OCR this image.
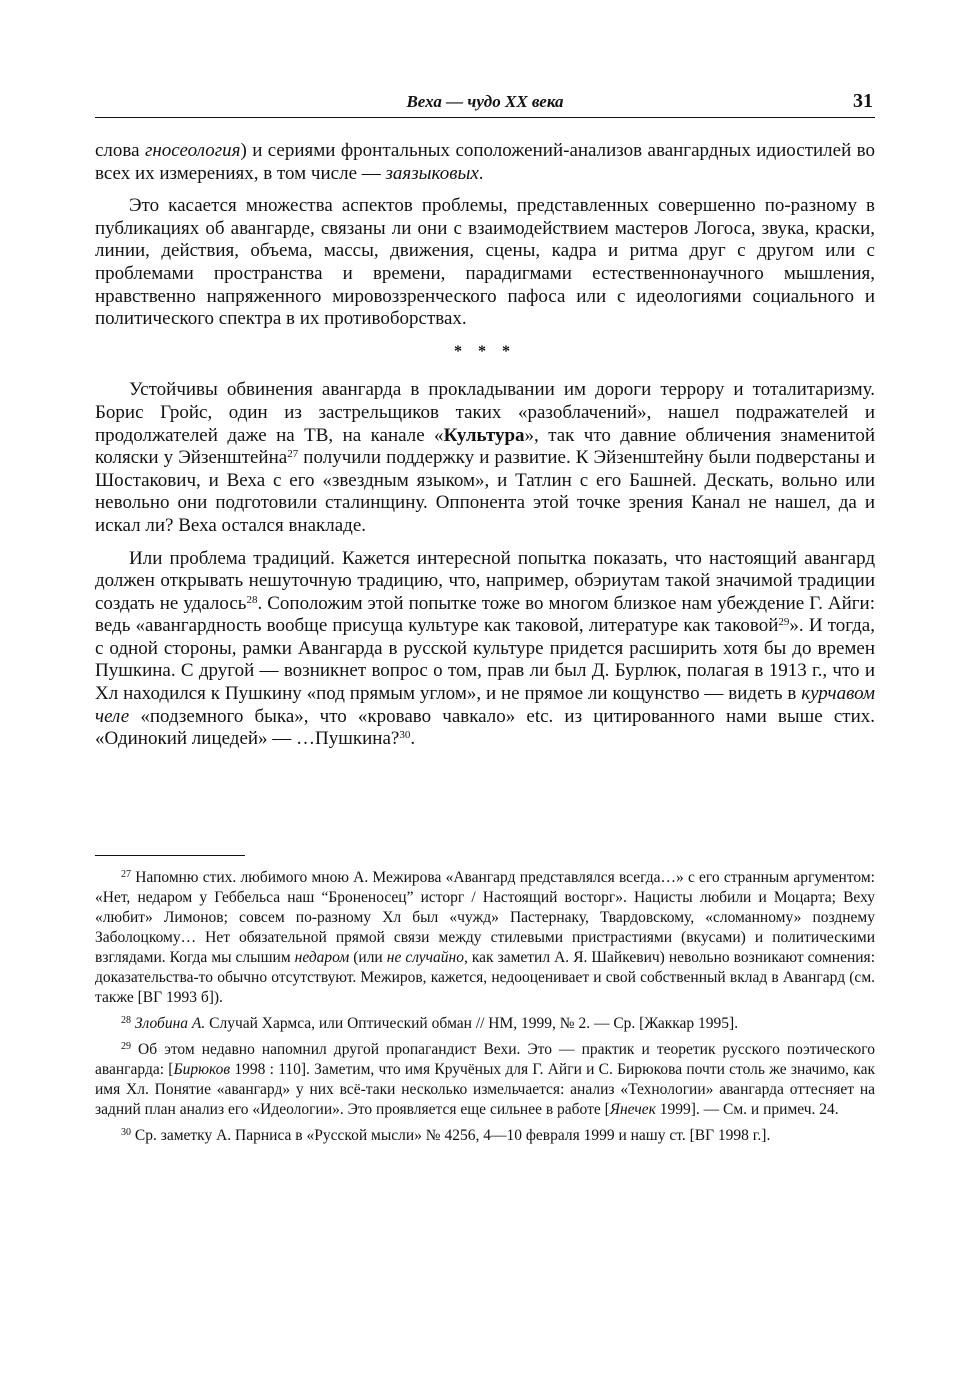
Веха — чудо XX века	31

слова гносеология) и сериями фронтальных соположений-анализов авангардных идиостилей во всех их измерениях, в том числе — заязыковых.

Это касается множества аспектов проблемы, представленных совершенно по-разному в публикациях об авангарде, связаны ли они с взаимодействием мастеров Логоса, звука, краски, линии, действия, объема, массы, движения, сцены, кадра и ритма друг с другом или с проблемами пространства и времени, парадигмами естественнонаучного мышления, нравственно напряженного мировоззренческого пафоса или с идеологиями социального и политического спектра в их противоборствах.

* * *

Устойчивы обвинения авангарда в прокладывании им дороги террору и тоталитаризму. Борис Гройс, один из застрельщиков таких «разоблачений», нашел подражателей и продолжателей даже на ТВ, на канале «Культура», так что давние обличения знаменитой коляски у Эйзенштейна$^{27}$ получили поддержку и развитие. К Эйзенштейну были подверстаны и Шостакович, и Веха с его «звездным языком», и Татлин с его Башней. Дескать, вольно или невольно они подготовили сталинщину. Оппонента этой точке зрения Канал не нашел, да и искал ли? Веха остался внакладе.

Или проблема традиций. Кажется интересной попытка показать, что настоящий авангард должен открывать нешуточную традицию, что, например, обэриутам такой значимой традиции создать не удалось$^{28}$. Соположим этой попытке тоже во многом близкое нам убеждение Г. Айги: ведь «авангардность вообще присуща культуре как таковой, литературе как таковой$^{29}$». И тогда, с одной стороны, рамки Авангарда в русской культуре придется расширить хотя бы до времен Пушкина. С другой — возникнет вопрос о том, прав ли был Д. Бурлюк, полагая в 1913 г., что и Хл находился к Пушкину «под прямым углом», и не прямое ли кощунство — видеть в курчавом челе «подземного быка», что «кроваво чавкало» etc. из цитированного нами выше стих. «Одинокий лицедей» — …Пушкина?$^{30}$.

$^{27}$ Напомню стих. любимого мною А. Межирова «Авангард представлялся всегда…» с его странным аргументом: «Нет, недаром у Геббельса наш “Броненосец” исторг / Настоящий восторг». Нацисты любили и Моцарта; Веху «любит» Лимонов; совсем по-разному Хл был «чужд» Пастернаку, Твардовскому, «сломанному» позднему Заболоцкому… Нет обязательной прямой связи между стилевыми пристрастиями (вкусами) и политическими взглядами. Когда мы слышим недаром (или не случайно, как заметил А. Я. Шайкевич) невольно возникают сомнения: доказательства-то обычно отсутствуют. Межиров, кажется, недооценивает и свой собственный вклад в Авангард (см. также [ВГ 1993 б]).

$^{28}$ Злобина А. Случай Хармса, или Оптический обман // НМ, 1999, № 2. — Ср. [Жаккар 1995].

$^{29}$ Об этом недавно напомнил другой пропагандист Вехи. Это — практик и теоретик русского поэтического авангарда: [Бирюков 1998 : 110]. Заметим, что имя Кручёных для Г. Айги и С. Бирюкова почти столь же значимо, как имя Хл. Понятие «авангард» у них всё-таки несколько измельчается: анализ «Технологии» авангарда оттесняет на задний план анализ его «Идеологии». Это проявляется еще сильнее в работе [Янечек 1999]. — См. и примеч. 24.

$^{30}$ Ср. заметку А. Парниса в «Русской мысли» № 4256, 4—10 февраля 1999 и нашу ст. [ВГ 1998 г.].
